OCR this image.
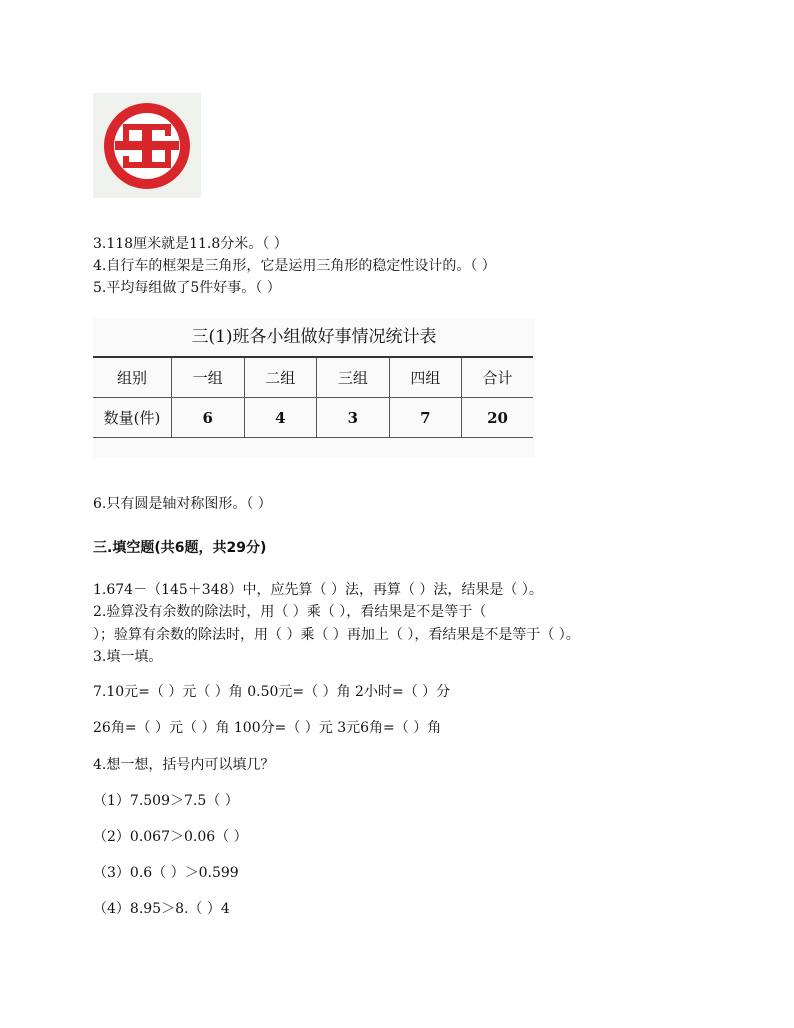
3.118厘米就是11.8分米。（ ）
4.自行车的框架是三角形，它是运用三角形的稳定性设计的。（ ）
5.平均每组做了5件好事。（ ）
三(1)班各小组做好事情况统计表
组别	一组	二组	三组	四组	合计
数量(件)	6	4	3	7	20
6.只有圆是轴对称图形。（ ）
三.填空题(共6题，共29分)
1.674－（145＋348）中，应先算（ ）法，再算（ ）法，结果是（ ）。
2.验算没有余数的除法时，用（ ）乘（ ），看结果是不是等于（
）；验算有余数的除法时，用（ ）乘（ ）再加上（ ），看结果是不是等于（ ）。
3.填一填。
7.10元=（ ）元（ ）角 0.50元=（ ）角 2小时=（ ）分
26角=（ ）元（ ）角 100分=（ ）元 3元6角=（ ）角
4.想一想，括号内可以填几？
（1）7.509＞7.5（ ）
（2）0.067＞0.06（ ）
（3）0.6（ ）＞0.599
（4）8.95＞8.（ ）4
